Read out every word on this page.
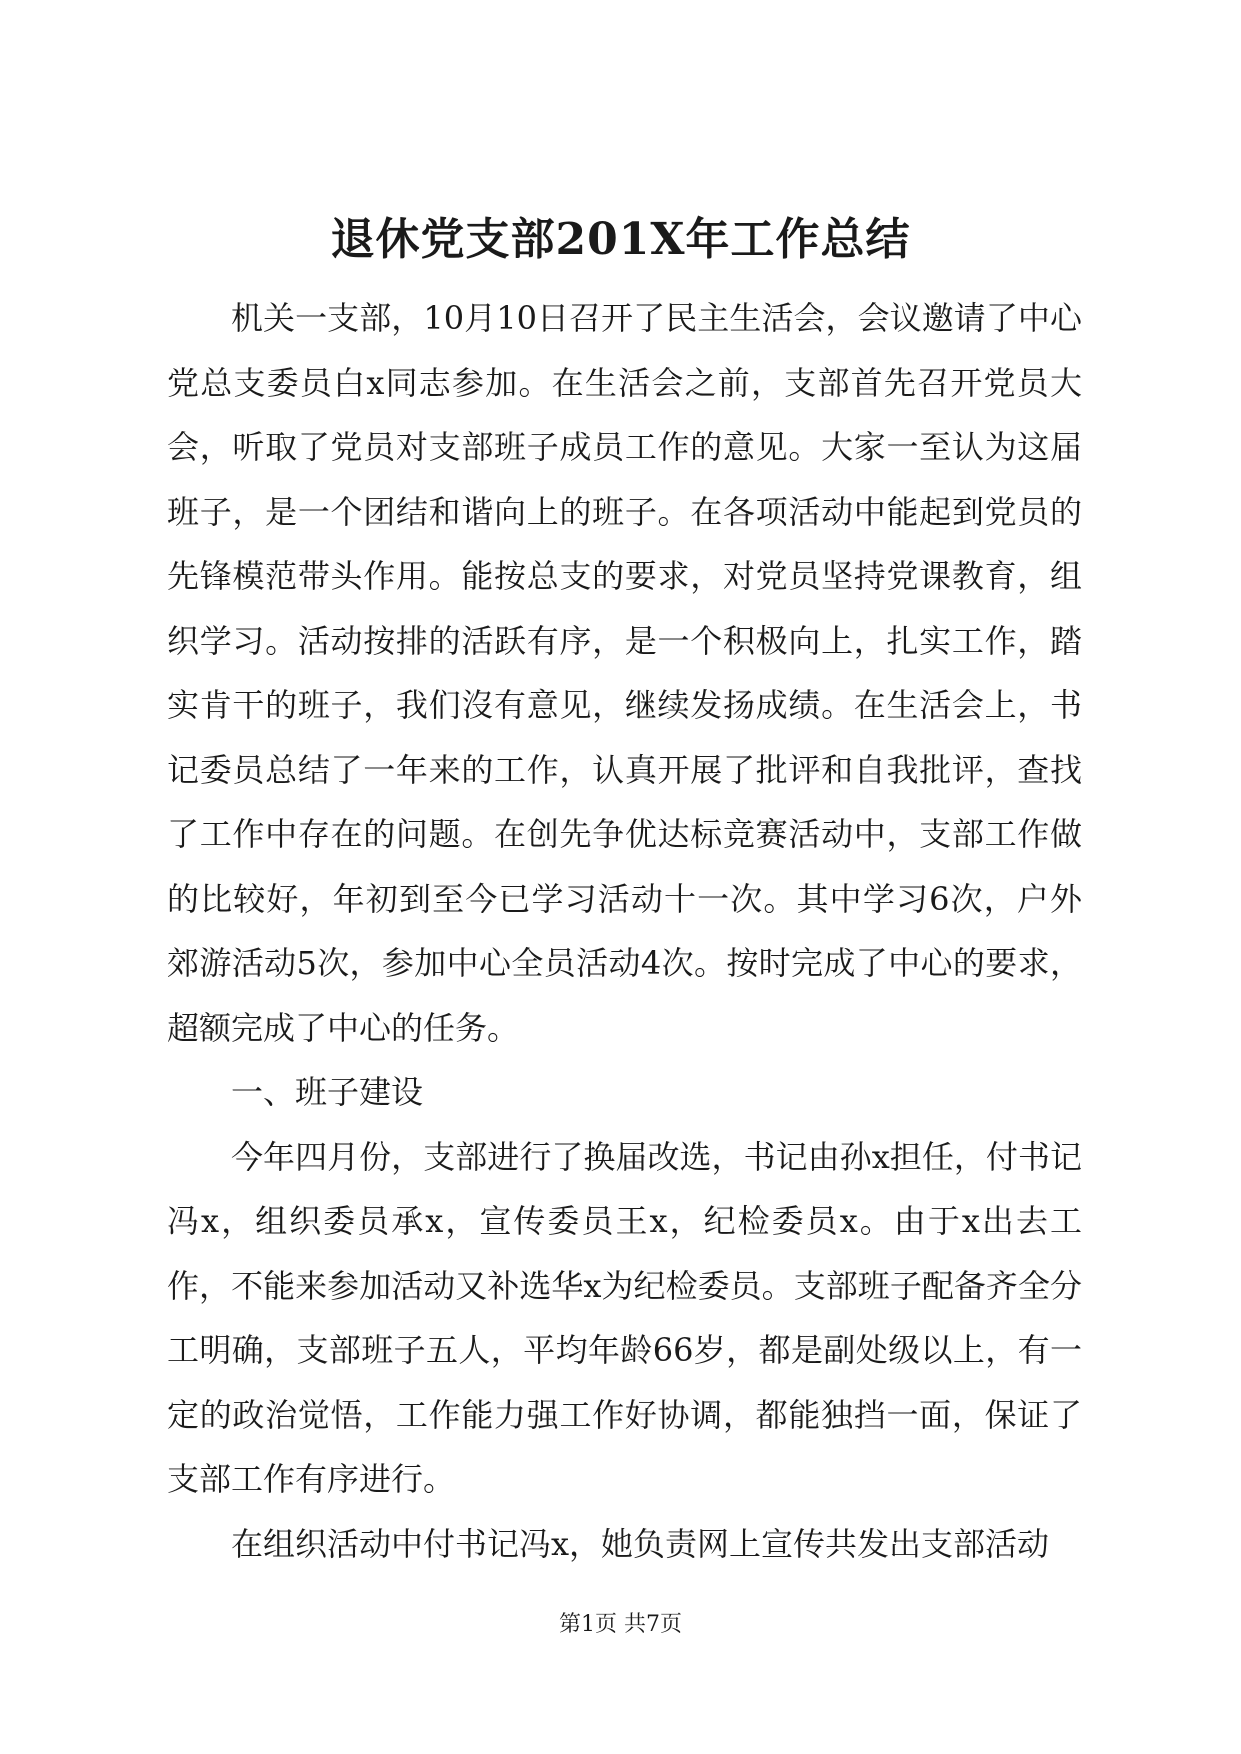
退休党支部201X年工作总结

机关一支部，10月10日召开了民主生活会，会议邀请了中心党总支委员白x同志参加。在生活会之前，支部首先召开党员大会，听取了党员对支部班子成员工作的意见。大家一至认为这届班子，是一个团结和谐向上的班子。在各项活动中能起到党员的先锋模范带头作用。能按总支的要求，对党员坚持党课教育，组织学习。活动按排的活跃有序，是一个积极向上，扎实工作，踏实肯干的班子，我们沒有意见，继续发扬成绩。在生活会上，书记委员总结了一年来的工作，认真开展了批评和自我批评，查找了工作中存在的问题。在创先争优达标竞赛活动中，支部工作做的比较好，年初到至今已学习活动十一次。其中学习6次，户外郊游活动5次，参加中心全员活动4次。按时完成了中心的要求，超额完成了中心的任务。

一、班子建设

今年四月份，支部进行了换届改选，书记由孙x担任，付书记冯x，组织委员承x，宣传委员王x，纪检委员x。由于x出去工作，不能来参加活动又补选华x为纪检委员。支部班子配备齐全分工明确，支部班子五人，平均年龄66岁，都是副处级以上，有一定的政治觉悟，工作能力强工作好协调，都能独挡一面，保证了支部工作有序进行。

在组织活动中付书记冯x，她负责网上宣传共发出支部活动

第1页 共7页
